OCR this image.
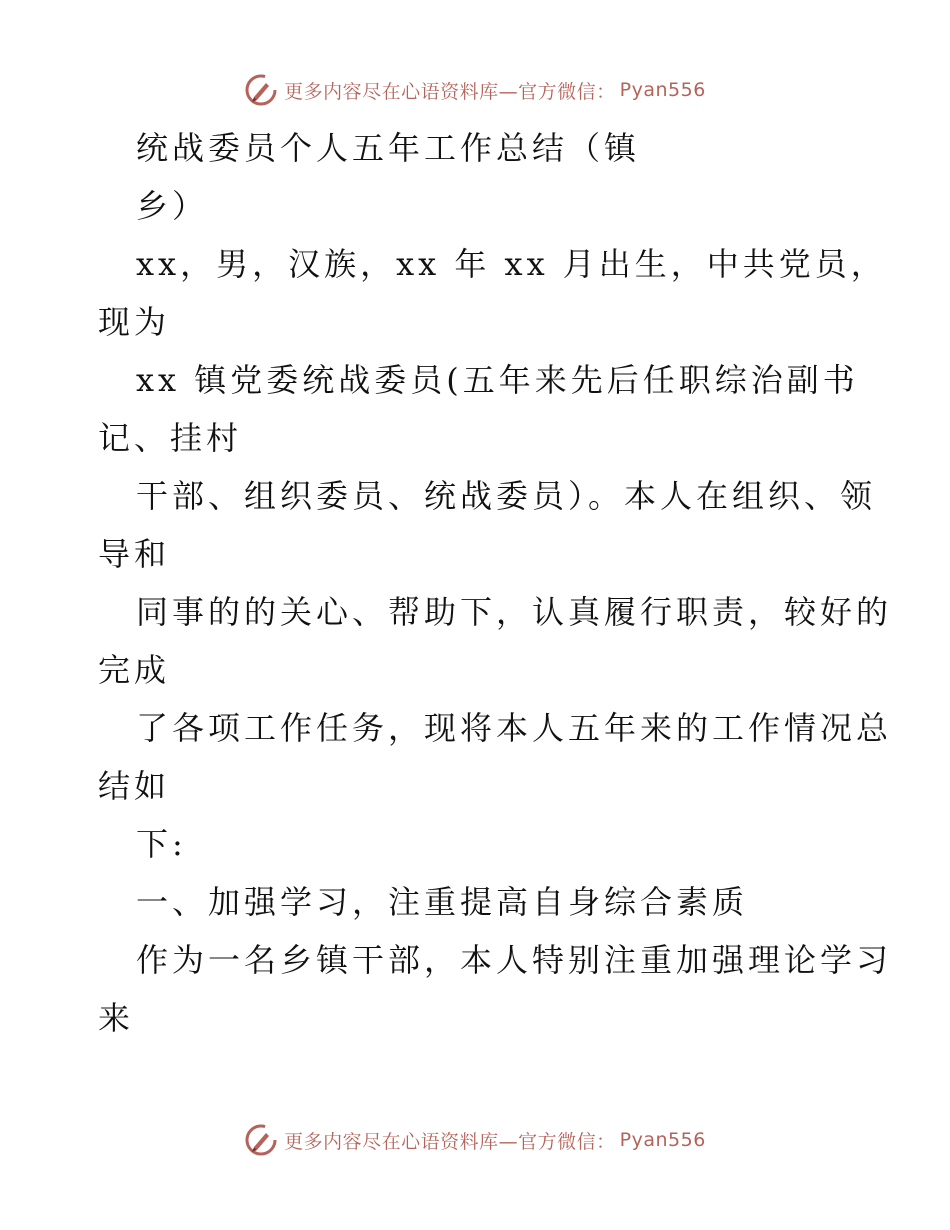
更多内容尽在心语资料库—官方微信： Pyan556
统战委员个人五年工作总结（镇
乡）
xx，男，汉族，xx 年 xx 月出生，中共党员，
现为
xx 镇党委统战委员(五年来先后任职综治副书
记、挂村
干部、组织委员、统战委员）。本人在组织、领
导和
同事的的关心、帮助下，认真履行职责，较好的
完成
了各项工作任务，现将本人五年来的工作情况总
结如
下:
一、加强学习，注重提高自身综合素质
作为一名乡镇干部，本人特别注重加强理论学习
来
更多内容尽在心语资料库—官方微信： Pyan556
